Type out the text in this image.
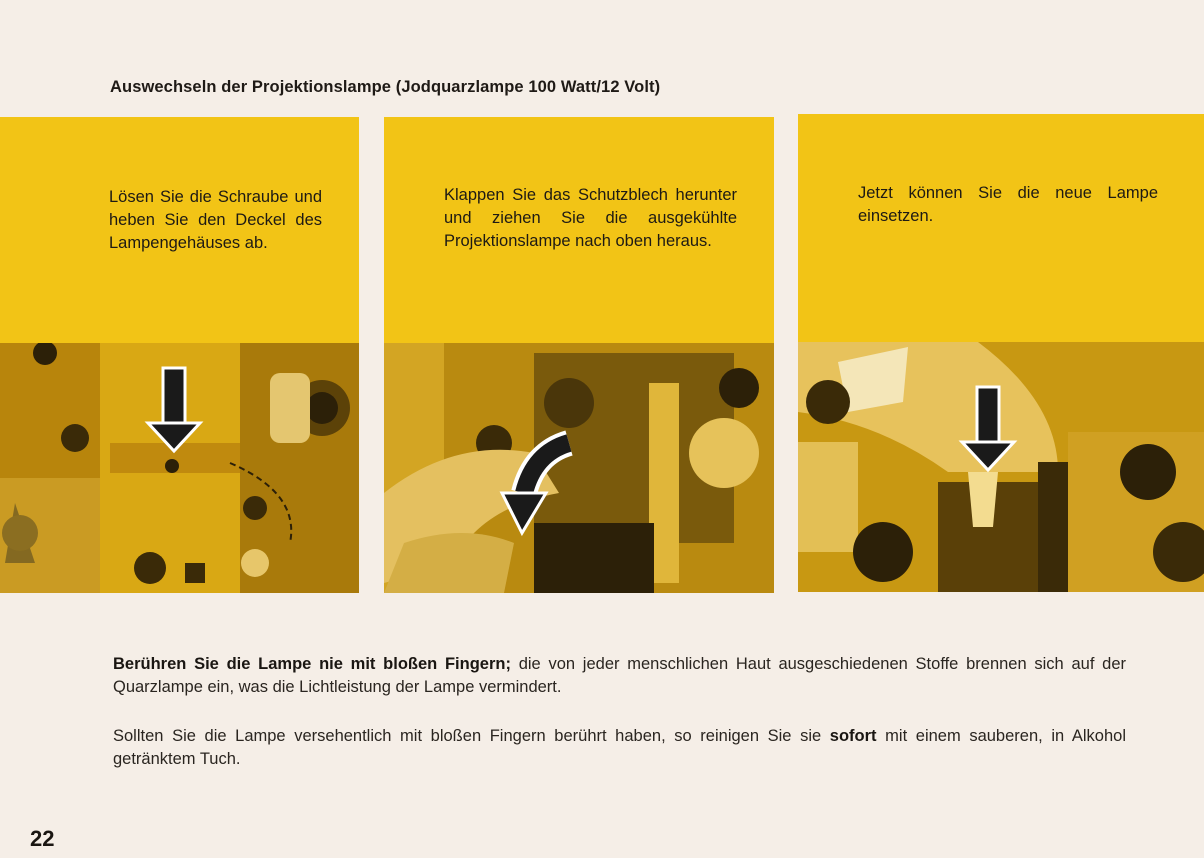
Auswechseln der Projektionslampe (Jodquarzlampe 100 Watt/12 Volt)
Lösen Sie die Schraube und heben Sie den Deckel des Lampengehäuses ab.
Klappen Sie das Schutzblech herunter und ziehen Sie die ausgekühlte Projektionslampe nach oben heraus.
Jetzt können Sie die neue Lampe einsetzen.
Berühren Sie die Lampe nie mit bloßen Fingern; die von jeder menschlichen Haut ausgeschiedenen Stoffe brennen sich auf der Quarzlampe ein, was die Lichtleistung der Lampe vermindert.
Sollten Sie die Lampe versehentlich mit bloßen Fingern berührt haben, so reinigen Sie sie sofort mit einem sauberen, in Alkohol getränktem Tuch.
22
